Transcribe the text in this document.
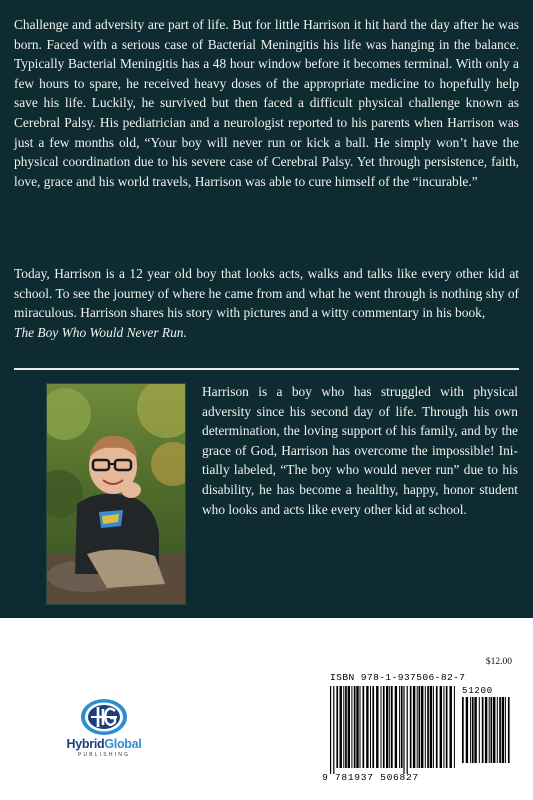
Challenge and adversity are part of life. But for little Harrison it hit hard the day after he was born. Faced with a serious case of Bacterial Meningitis his life was hanging in the balance. Typically Bacterial Meningitis has a 48 hour window before it becomes terminal. With only a few hours to spare, he received heavy doses of the appropriate medicine to hopefully help save his life. Luckily, he survived but then faced a difficult physical challenge known as Cerebral Palsy. His pediatrician and a neurologist reported to his parents when Harrison was just a few months old, “Your boy will never run or kick a ball. He simply won’t have the physical coordination due to his severe case of Cerebral Palsy. Yet through persistence, faith, love, grace and his world travels, Harrison was able to cure himself of the “incurable.”

Today, Harrison is a 12 year old boy that looks acts, walks and talks like every other kid at school. To see the journey of where he came from and what he went through is nothing shy of miraculous. Harrison shares his story with pictures and a witty commentary in his book,
The Boy Who Would Never Run.

Harrison is a boy who has struggled with physical adversity since his second day of life. Through his own determination, the loving support of his family, and by the grace of God, Harrison has overcome the impossible! Ini-tially labeled, “The boy who would never run” due to his disability, he has become a healthy, happy, honor student who looks and acts like every other kid at school.

HybridGlobal
PUBLISHING
$12.00
ISBN 978-1-937506-82-7
51200
9 781937 506827
